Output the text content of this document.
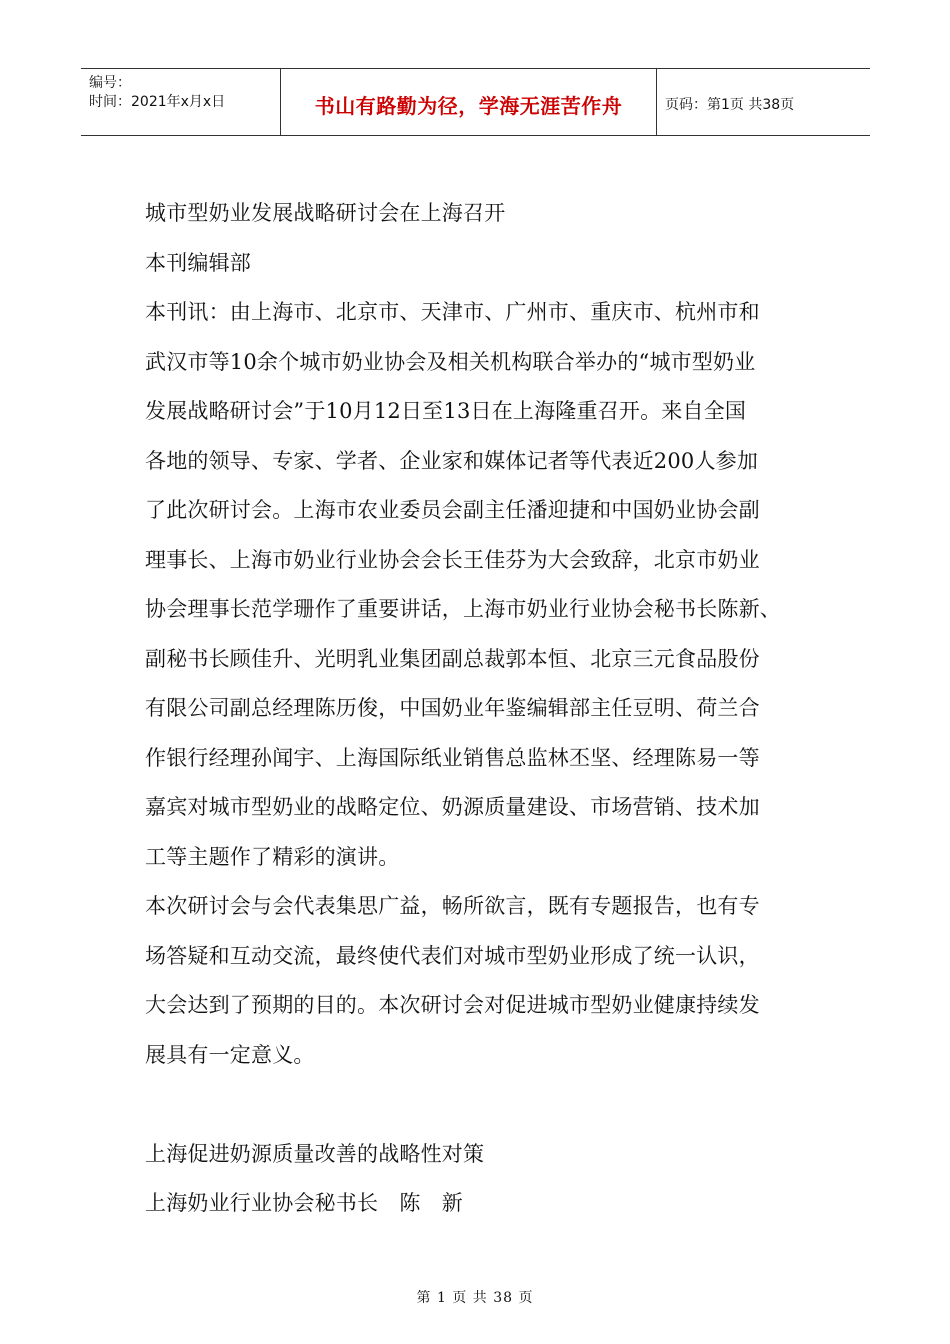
编号：
时间：2021年x月x日	书山有路勤为径，学海无涯苦作舟	页码：第1页 共38页
城市型奶业发展战略研讨会在上海召开
本刊编辑部
本刊讯：由上海市、北京市、天津市、广州市、重庆市、杭州市和
武汉市等10余个城市奶业协会及相关机构联合举办的“城市型奶业
发展战略研讨会”于10月12日至13日在上海隆重召开。来自全国
各地的领导、专家、学者、企业家和媒体记者等代表近200人参加
了此次研讨会。上海市农业委员会副主任潘迎捷和中国奶业协会副
理事长、上海市奶业行业协会会长王佳芬为大会致辞，北京市奶业
协会理事长范学珊作了重要讲话，上海市奶业行业协会秘书长陈新、
副秘书长顾佳升、光明乳业集团副总裁郭本恒、北京三元食品股份
有限公司副总经理陈历俊，中国奶业年鉴编辑部主任豆明、荷兰合
作银行经理孙闻宇、上海国际纸业销售总监林丕坚、经理陈易一等
嘉宾对城市型奶业的战略定位、奶源质量建设、市场营销、技术加
工等主题作了精彩的演讲。
本次研讨会与会代表集思广益，畅所欲言，既有专题报告，也有专
场答疑和互动交流，最终使代表们对城市型奶业形成了统一认识，
大会达到了预期的目的。本次研讨会对促进城市型奶业健康持续发
展具有一定意义。
上海促进奶源质量改善的战略性对策
上海奶业行业协会秘书长　陈　新
第 1 页 共 38 页
